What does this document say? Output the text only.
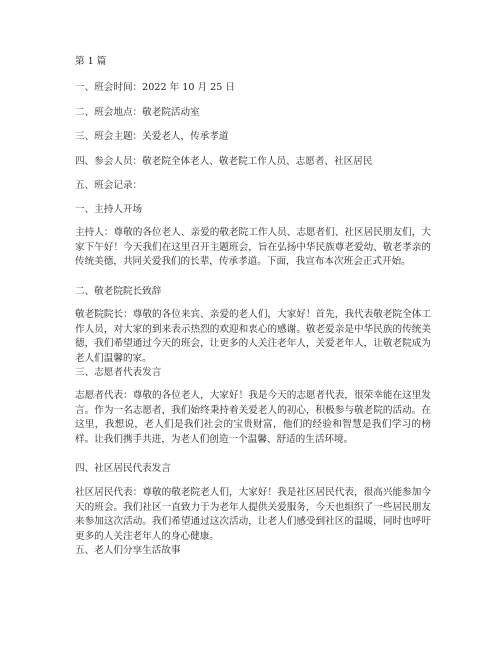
第 1 篇

一、班会时间：2022 年 10 月 25 日

二、班会地点：敬老院活动室

三、班会主题：关爱老人，传承孝道

四、参会人员：敬老院全体老人、敬老院工作人员、志愿者、社区居民

五、班会记录：

一、主持人开场

主持人：尊敬的各位老人、亲爱的敬老院工作人员、志愿者们、社区居民朋友们，大家下午好！今天我们在这里召开主题班会，旨在弘扬中华民族尊老爱幼、敬老孝亲的传统美德，共同关爱我们的长辈，传承孝道。下面，我宣布本次班会正式开始。

二、敬老院院长致辞

敬老院院长：尊敬的各位来宾、亲爱的老人们，大家好！首先，我代表敬老院全体工作人员，对大家的到来表示热烈的欢迎和衷心的感谢。敬老爱亲是中华民族的传统美德，我们希望通过今天的班会，让更多的人关注老年人，关爱老年人，让敬老院成为老人们温馨的家。

三、志愿者代表发言

志愿者代表：尊敬的各位老人，大家好！我是今天的志愿者代表，很荣幸能在这里发言。作为一名志愿者，我们始终秉持着关爱老人的初心，积极参与敬老院的活动。在这里，我想说，老人们是我们社会的宝贵财富，他们的经验和智慧是我们学习的榜样。让我们携手共进，为老人们创造一个温馨、舒适的生活环境。

四、社区居民代表发言

社区居民代表：尊敬的敬老院老人们，大家好！我是社区居民代表，很高兴能参加今天的班会。我们社区一直致力于为老年人提供关爱服务，今天也组织了一些居民朋友来参加这次活动。我们希望通过这次活动，让老人们感受到社区的温暖，同时也呼吁更多的人关注老年人的身心健康。

五、老人们分享生活故事
